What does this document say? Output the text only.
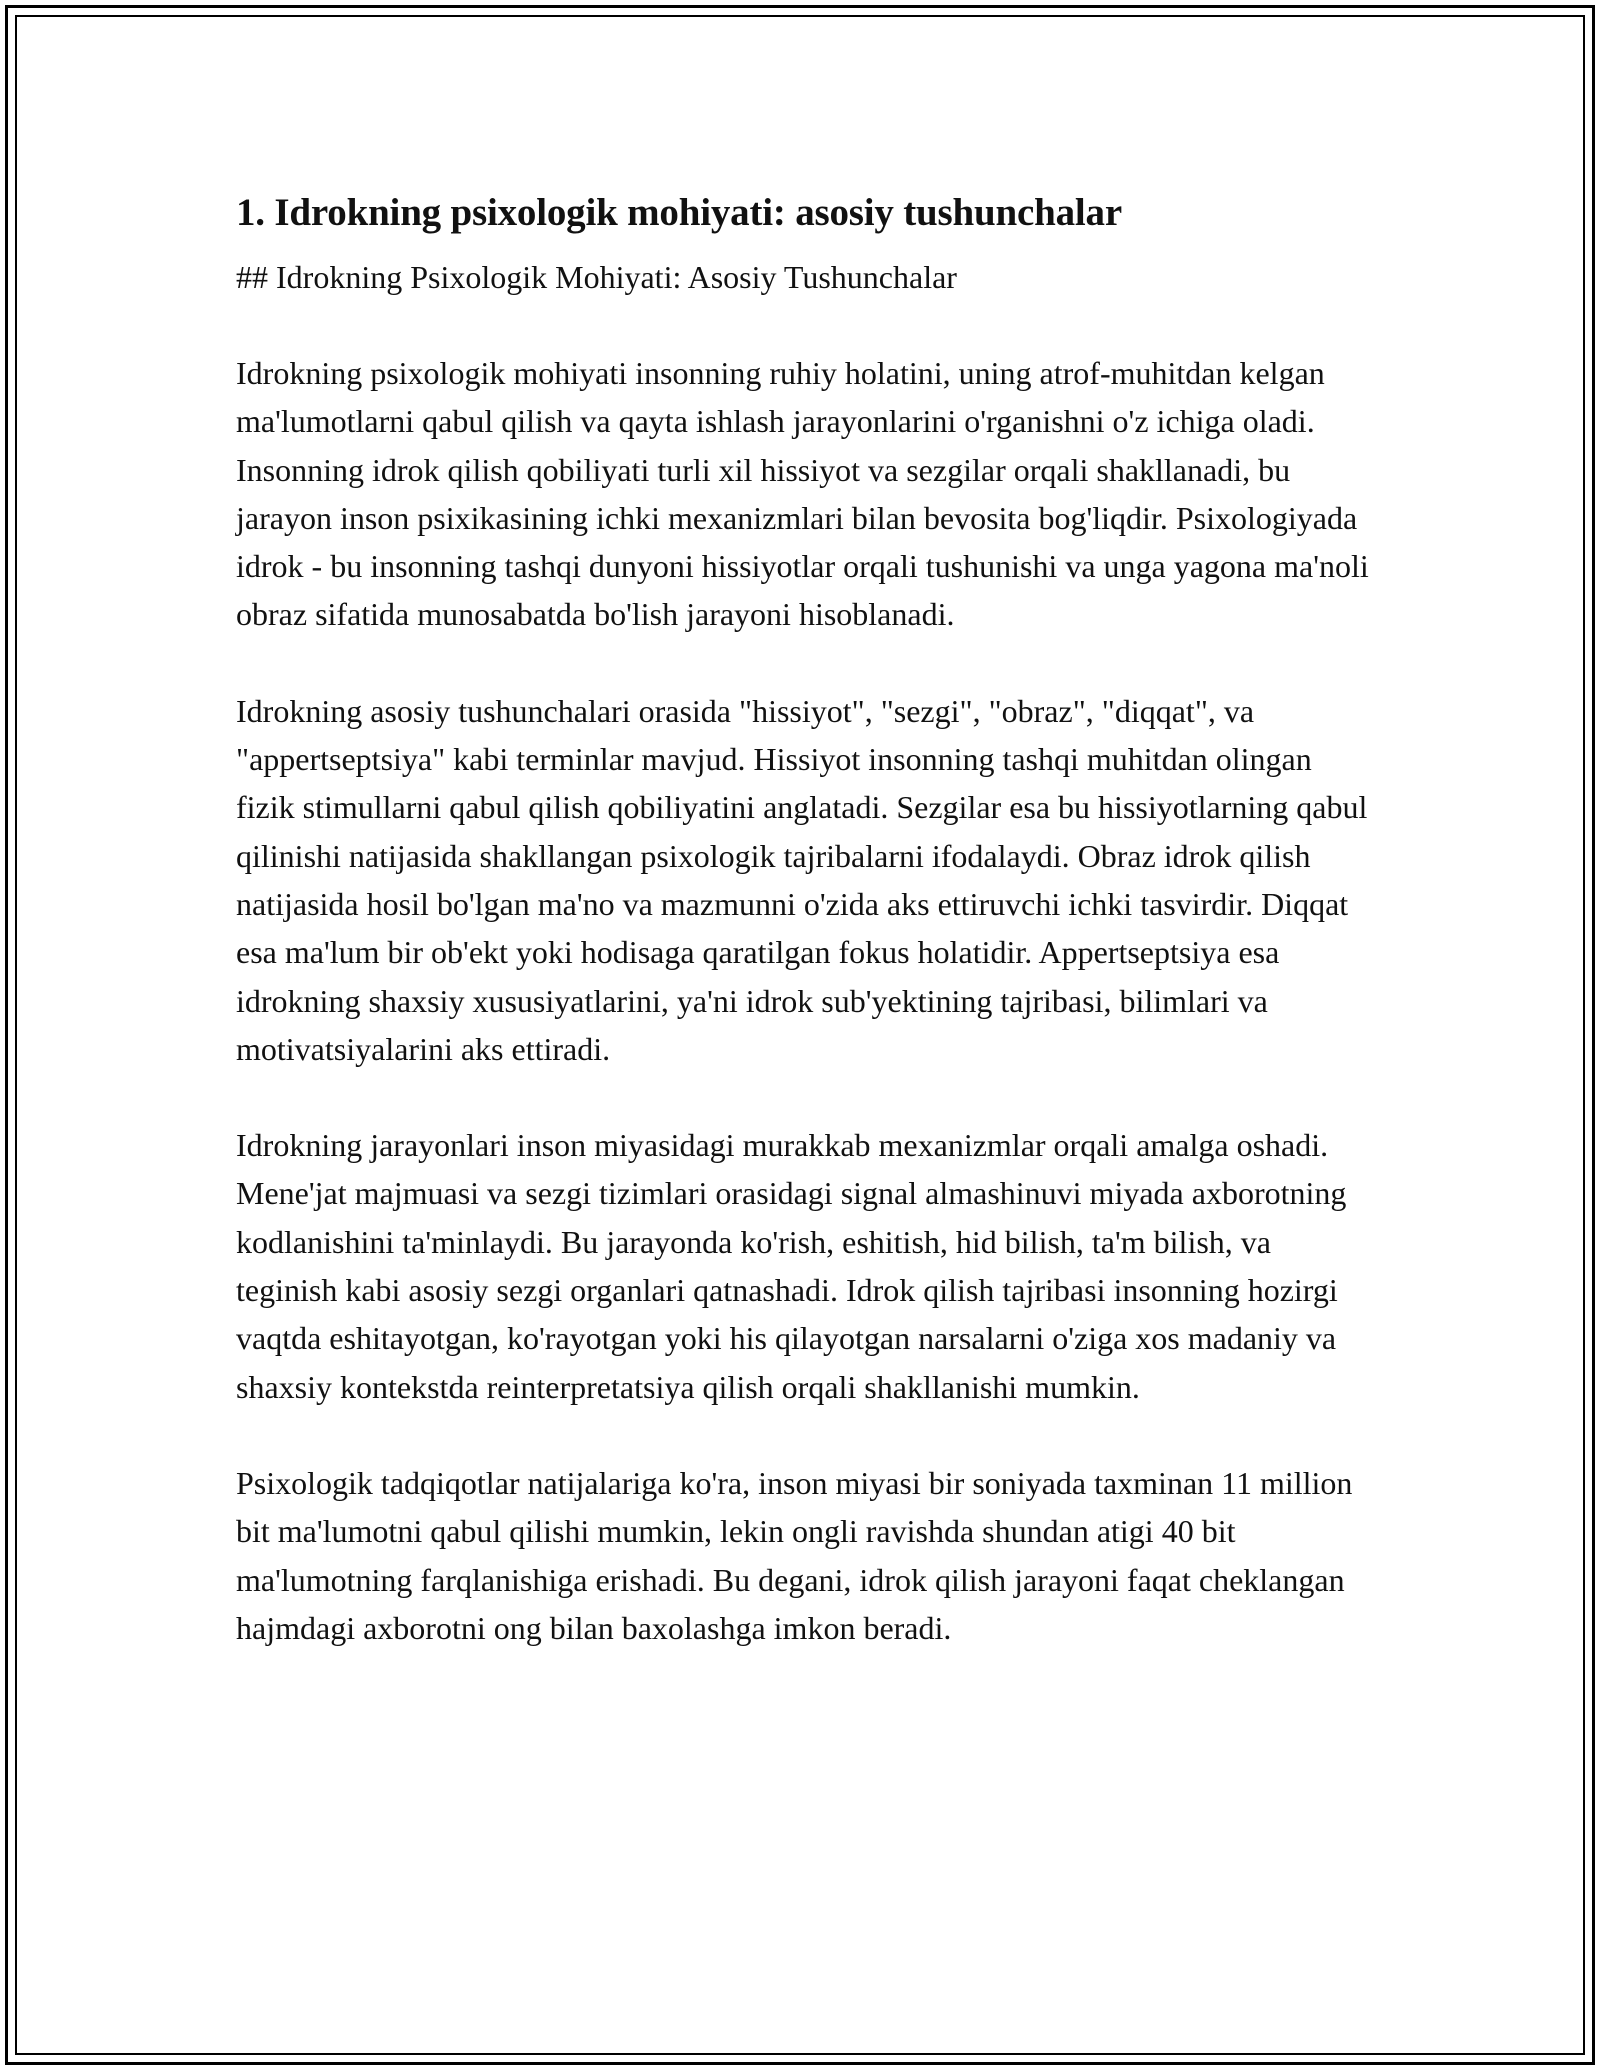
1. Idrokning psixologik mohiyati: asosiy tushunchalar

## Idrokning Psixologik Mohiyati: Asosiy Tushunchalar

Idrokning psixologik mohiyati insonning ruhiy holatini, uning atrof-muhitdan kelgan ma'lumotlarni qabul qilish va qayta ishlash jarayonlarini o'rganishni o'z ichiga oladi. Insonning idrok qilish qobiliyati turli xil hissiyot va sezgilar orqali shakllanadi, bu jarayon inson psixikasining ichki mexanizmlari bilan bevosita bog'liqdir. Psixologiyada idrok - bu insonning tashqi dunyoni hissiyotlar orqali tushunishi va unga yagona ma'noli obraz sifatida munosabatda bo'lish jarayoni hisoblanadi.

Idrokning asosiy tushunchalari orasida "hissiyot", "sezgi", "obraz", "diqqat", va "appertseptsiya" kabi terminlar mavjud. Hissiyot insonning tashqi muhitdan olingan fizik stimullarni qabul qilish qobiliyatini anglatadi. Sezgilar esa bu hissiyotlarning qabul qilinishi natijasida shakllangan psixologik tajribalarni ifodalaydi. Obraz idrok qilish natijasida hosil bo'lgan ma'no va mazmunni o'zida aks ettiruvchi ichki tasvirdir. Diqqat esa ma'lum bir ob'ekt yoki hodisaga qaratilgan fokus holatidir. Appertseptsiya esa idrokning shaxsiy xususiyatlarini, ya'ni idrok sub'yektining tajribasi, bilimlari va motivatsiyalarini aks ettiradi.

Idrokning jarayonlari inson miyasidagi murakkab mexanizmlar orqali amalga oshadi. Mene'jat majmuasi va sezgi tizimlari orasidagi signal almashinuvi miyada axborotning kodlanishini ta'minlaydi. Bu jarayonda ko'rish, eshitish, hid bilish, ta'm bilish, va teginish kabi asosiy sezgi organlari qatnashadi. Idrok qilish tajribasi insonning hozirgi vaqtda eshitayotgan, ko'rayotgan yoki his qilayotgan narsalarni o'ziga xos madaniy va shaxsiy kontekstda reinterpretatsiya qilish orqali shakllanishi mumkin.

Psixologik tadqiqotlar natijalariga ko'ra, inson miyasi bir soniyada taxminan 11 million bit ma'lumotni qabul qilishi mumkin, lekin ongli ravishda shundan atigi 40 bit ma'lumotning farqlanishiga erishadi. Bu degani, idrok qilish jarayoni faqat cheklangan hajmdagi axborotni ong bilan baxolashga imkon beradi.
